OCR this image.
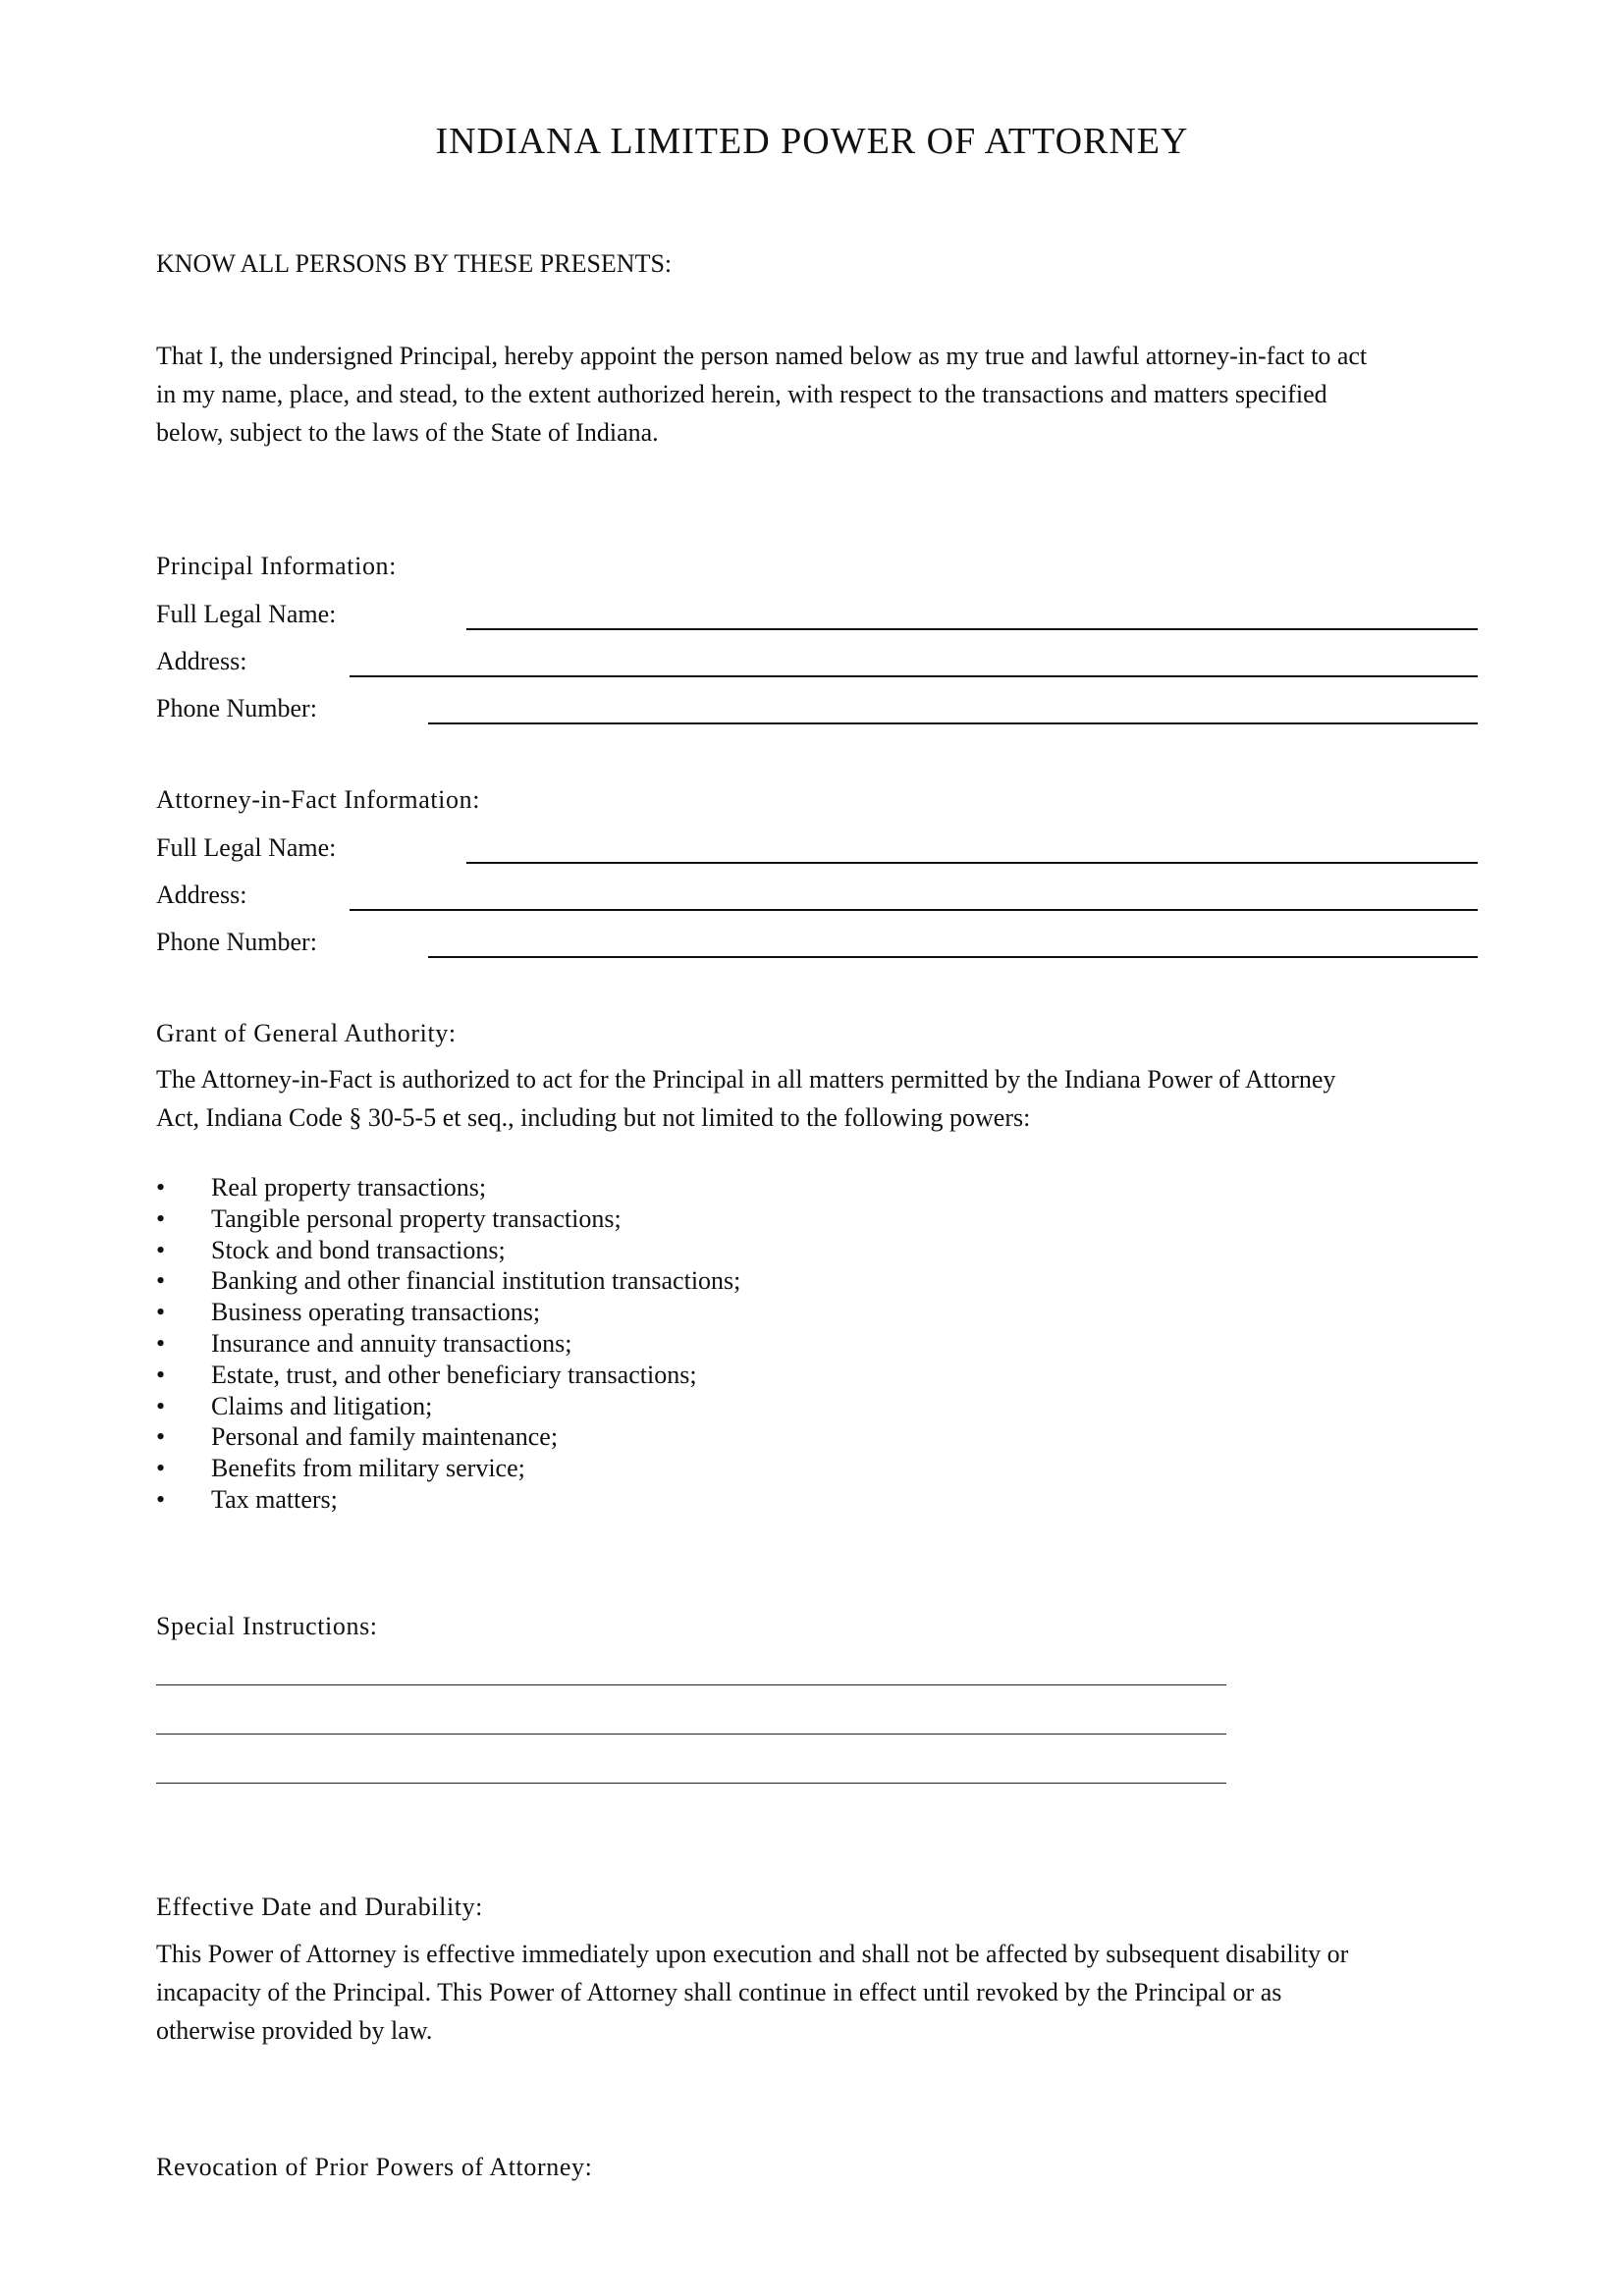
INDIANA LIMITED POWER OF ATTORNEY
KNOW ALL PERSONS BY THESE PRESENTS:
That I, the undersigned Principal, hereby appoint the person named below as my true and lawful attorney-in-fact to act
in my name, place, and stead, to the extent authorized herein, with respect to the transactions and matters specified
below, subject to the laws of the State of Indiana.
Principal Information:
Full Legal Name:
Address:
Phone Number:
Attorney-in-Fact Information:
Full Legal Name:
Address:
Phone Number:
Grant of General Authority:
The Attorney-in-Fact is authorized to act for the Principal in all matters permitted by the Indiana Power of Attorney
Act, Indiana Code § 30-5-5 et seq., including but not limited to the following powers:
• Real property transactions;
• Tangible personal property transactions;
• Stock and bond transactions;
• Banking and other financial institution transactions;
• Business operating transactions;
• Insurance and annuity transactions;
• Estate, trust, and other beneficiary transactions;
• Claims and litigation;
• Personal and family maintenance;
• Benefits from military service;
• Tax matters;
Special Instructions:
Effective Date and Durability:
This Power of Attorney is effective immediately upon execution and shall not be affected by subsequent disability or
incapacity of the Principal. This Power of Attorney shall continue in effect until revoked by the Principal or as
otherwise provided by law.
Revocation of Prior Powers of Attorney:
